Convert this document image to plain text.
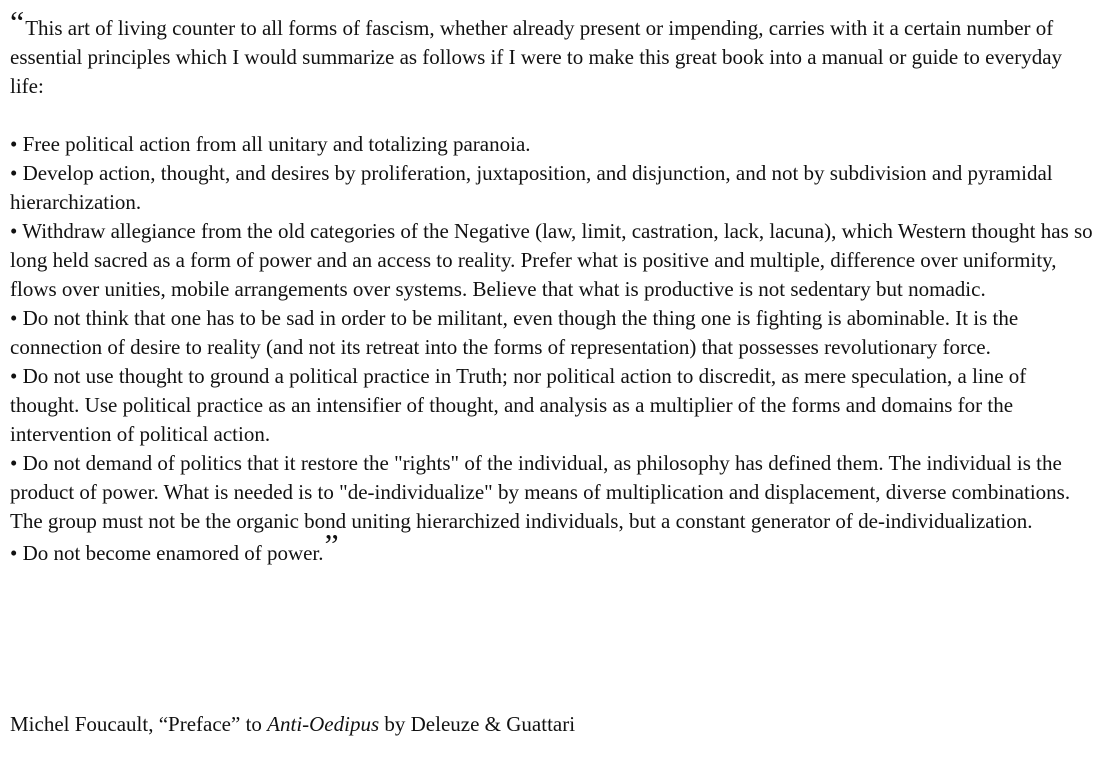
“This art of living counter to all forms of fascism, whether already present or impending, carries with it a certain number of essential principles which I would summarize as follows if I were to make this great book into a manual or guide to everyday life:

• Free political action from all unitary and totalizing paranoia.

• Develop action, thought, and desires by proliferation, juxtaposition, and disjunction, and not by subdivision and pyramidal hierarchization.

• Withdraw allegiance from the old categories of the Negative (law, limit, castration, lack, lacuna), which Western thought has so long held sacred as a form of power and an access to reality. Prefer what is positive and multiple, difference over uniformity, flows over unities, mobile arrangements over systems. Believe that what is productive is not sedentary but nomadic.

• Do not think that one has to be sad in order to be militant, even though the thing one is fighting is abominable. It is the connection of desire to reality (and not its retreat into the forms of representation) that possesses revolutionary force.

• Do not use thought to ground a political practice in Truth; nor political action to discredit, as mere speculation, a line of thought. Use political practice as an intensifier of thought, and analysis as a multiplier of the forms and domains for the intervention of political action.

• Do not demand of politics that it restore the "rights" of the individual, as philosophy has defined them. The individual is the product of power. What is needed is to "de-individualize" by means of multiplication and displacement, diverse combinations. The group must not be the organic bond uniting hierarchized individuals, but a constant generator of de-individualization.

• Do not become enamored of power.”

Michel Foucault, “Preface” to Anti-Oedipus by Deleuze & Guattari
